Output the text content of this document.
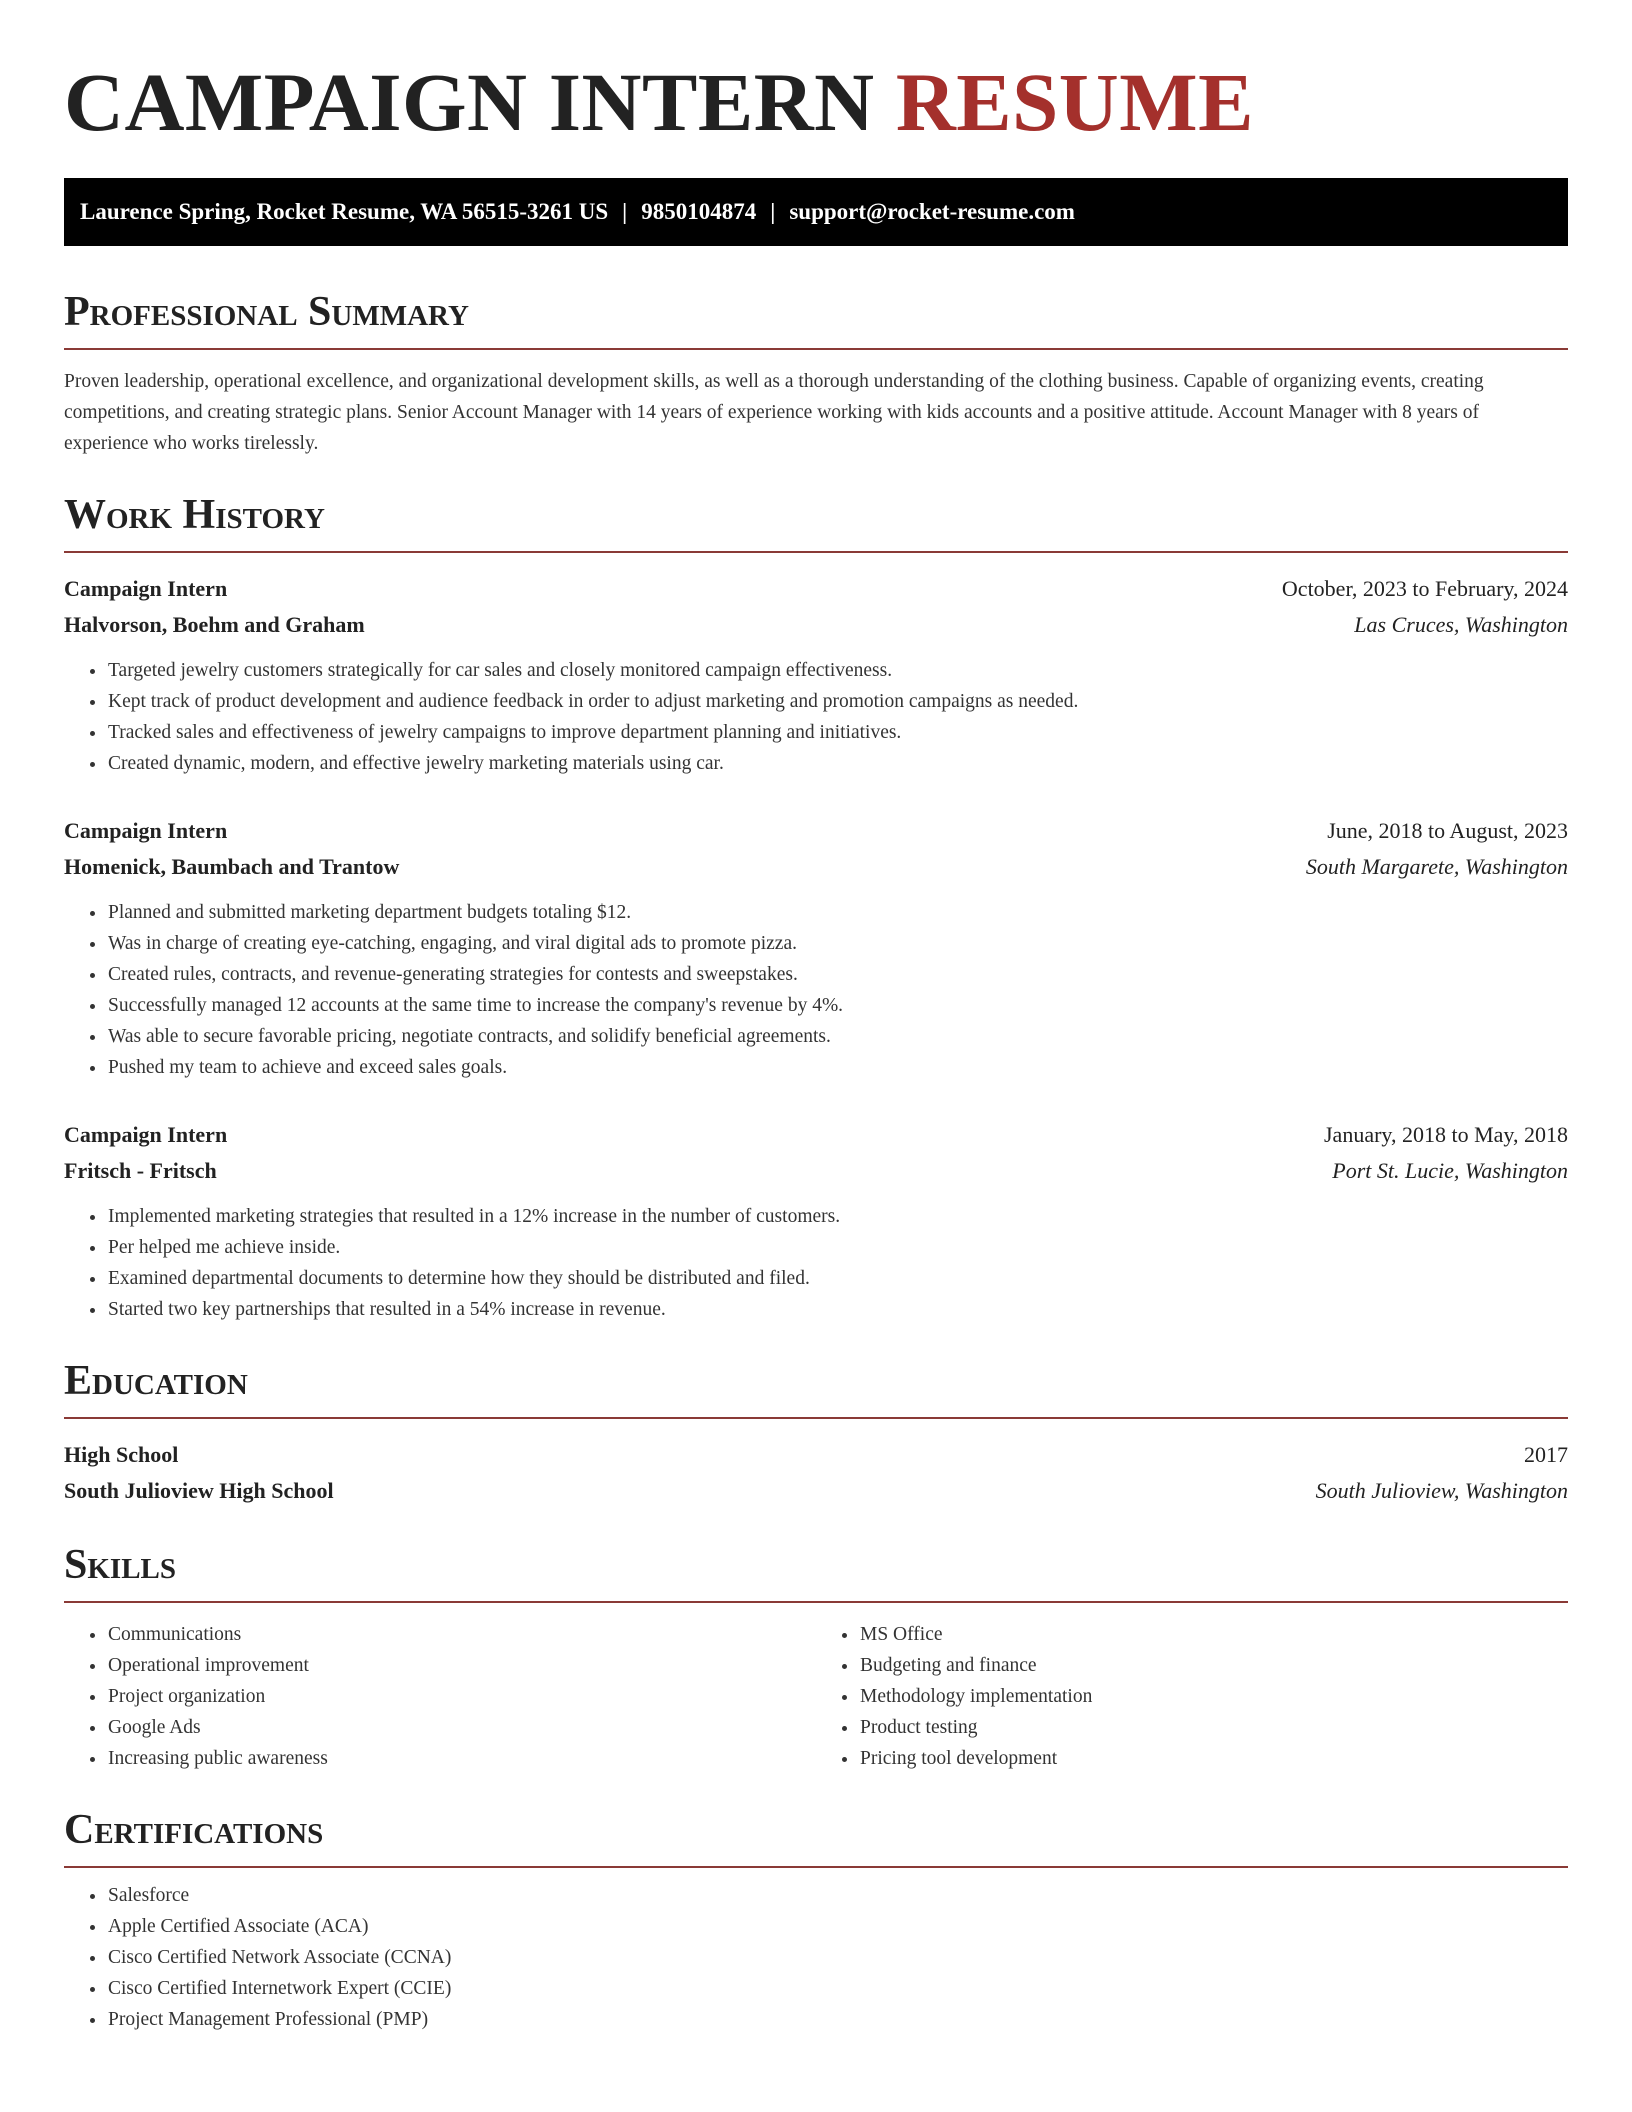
CAMPAIGN INTERN RESUME
Laurence Spring, Rocket Resume, WA 56515-3261 US | 9850104874 | support@rocket-resume.com
Professional Summary

Proven leadership, operational excellence, and organizational development skills, as well as a thorough understanding of the clothing business. Capable of organizing events, creating competitions, and creating strategic plans. Senior Account Manager with 14 years of experience working with kids accounts and a positive attitude. Account Manager with 8 years of experience who works tirelessly.

Work History
Campaign Intern	October, 2023 to February, 2024
Halvorson, Boehm and Graham	Las Cruces, Washington
• Targeted jewelry customers strategically for car sales and closely monitored campaign effectiveness.
• Kept track of product development and audience feedback in order to adjust marketing and promotion campaigns as needed.
• Tracked sales and effectiveness of jewelry campaigns to improve department planning and initiatives.
• Created dynamic, modern, and effective jewelry marketing materials using car.
Campaign Intern	June, 2018 to August, 2023
Homenick, Baumbach and Trantow	South Margarete, Washington
• Planned and submitted marketing department budgets totaling $12.
• Was in charge of creating eye-catching, engaging, and viral digital ads to promote pizza.
• Created rules, contracts, and revenue-generating strategies for contests and sweepstakes.
• Successfully managed 12 accounts at the same time to increase the company's revenue by 4%.
• Was able to secure favorable pricing, negotiate contracts, and solidify beneficial agreements.
• Pushed my team to achieve and exceed sales goals.
Campaign Intern	January, 2018 to May, 2018
Fritsch - Fritsch	Port St. Lucie, Washington
• Implemented marketing strategies that resulted in a 12% increase in the number of customers.
• Per helped me achieve inside.
• Examined departmental documents to determine how they should be distributed and filed.
• Started two key partnerships that resulted in a 54% increase in revenue.
Education
High School	2017
South Julioview High School	South Julioview, Washington
Skills
• Communications
• Operational improvement
• Project organization
• Google Ads
• Increasing public awareness
• MS Office
• Budgeting and finance
• Methodology implementation
• Product testing
• Pricing tool development
Certifications
• Salesforce
• Apple Certified Associate (ACA)
• Cisco Certified Network Associate (CCNA)
• Cisco Certified Internetwork Expert (CCIE)
• Project Management Professional (PMP)
